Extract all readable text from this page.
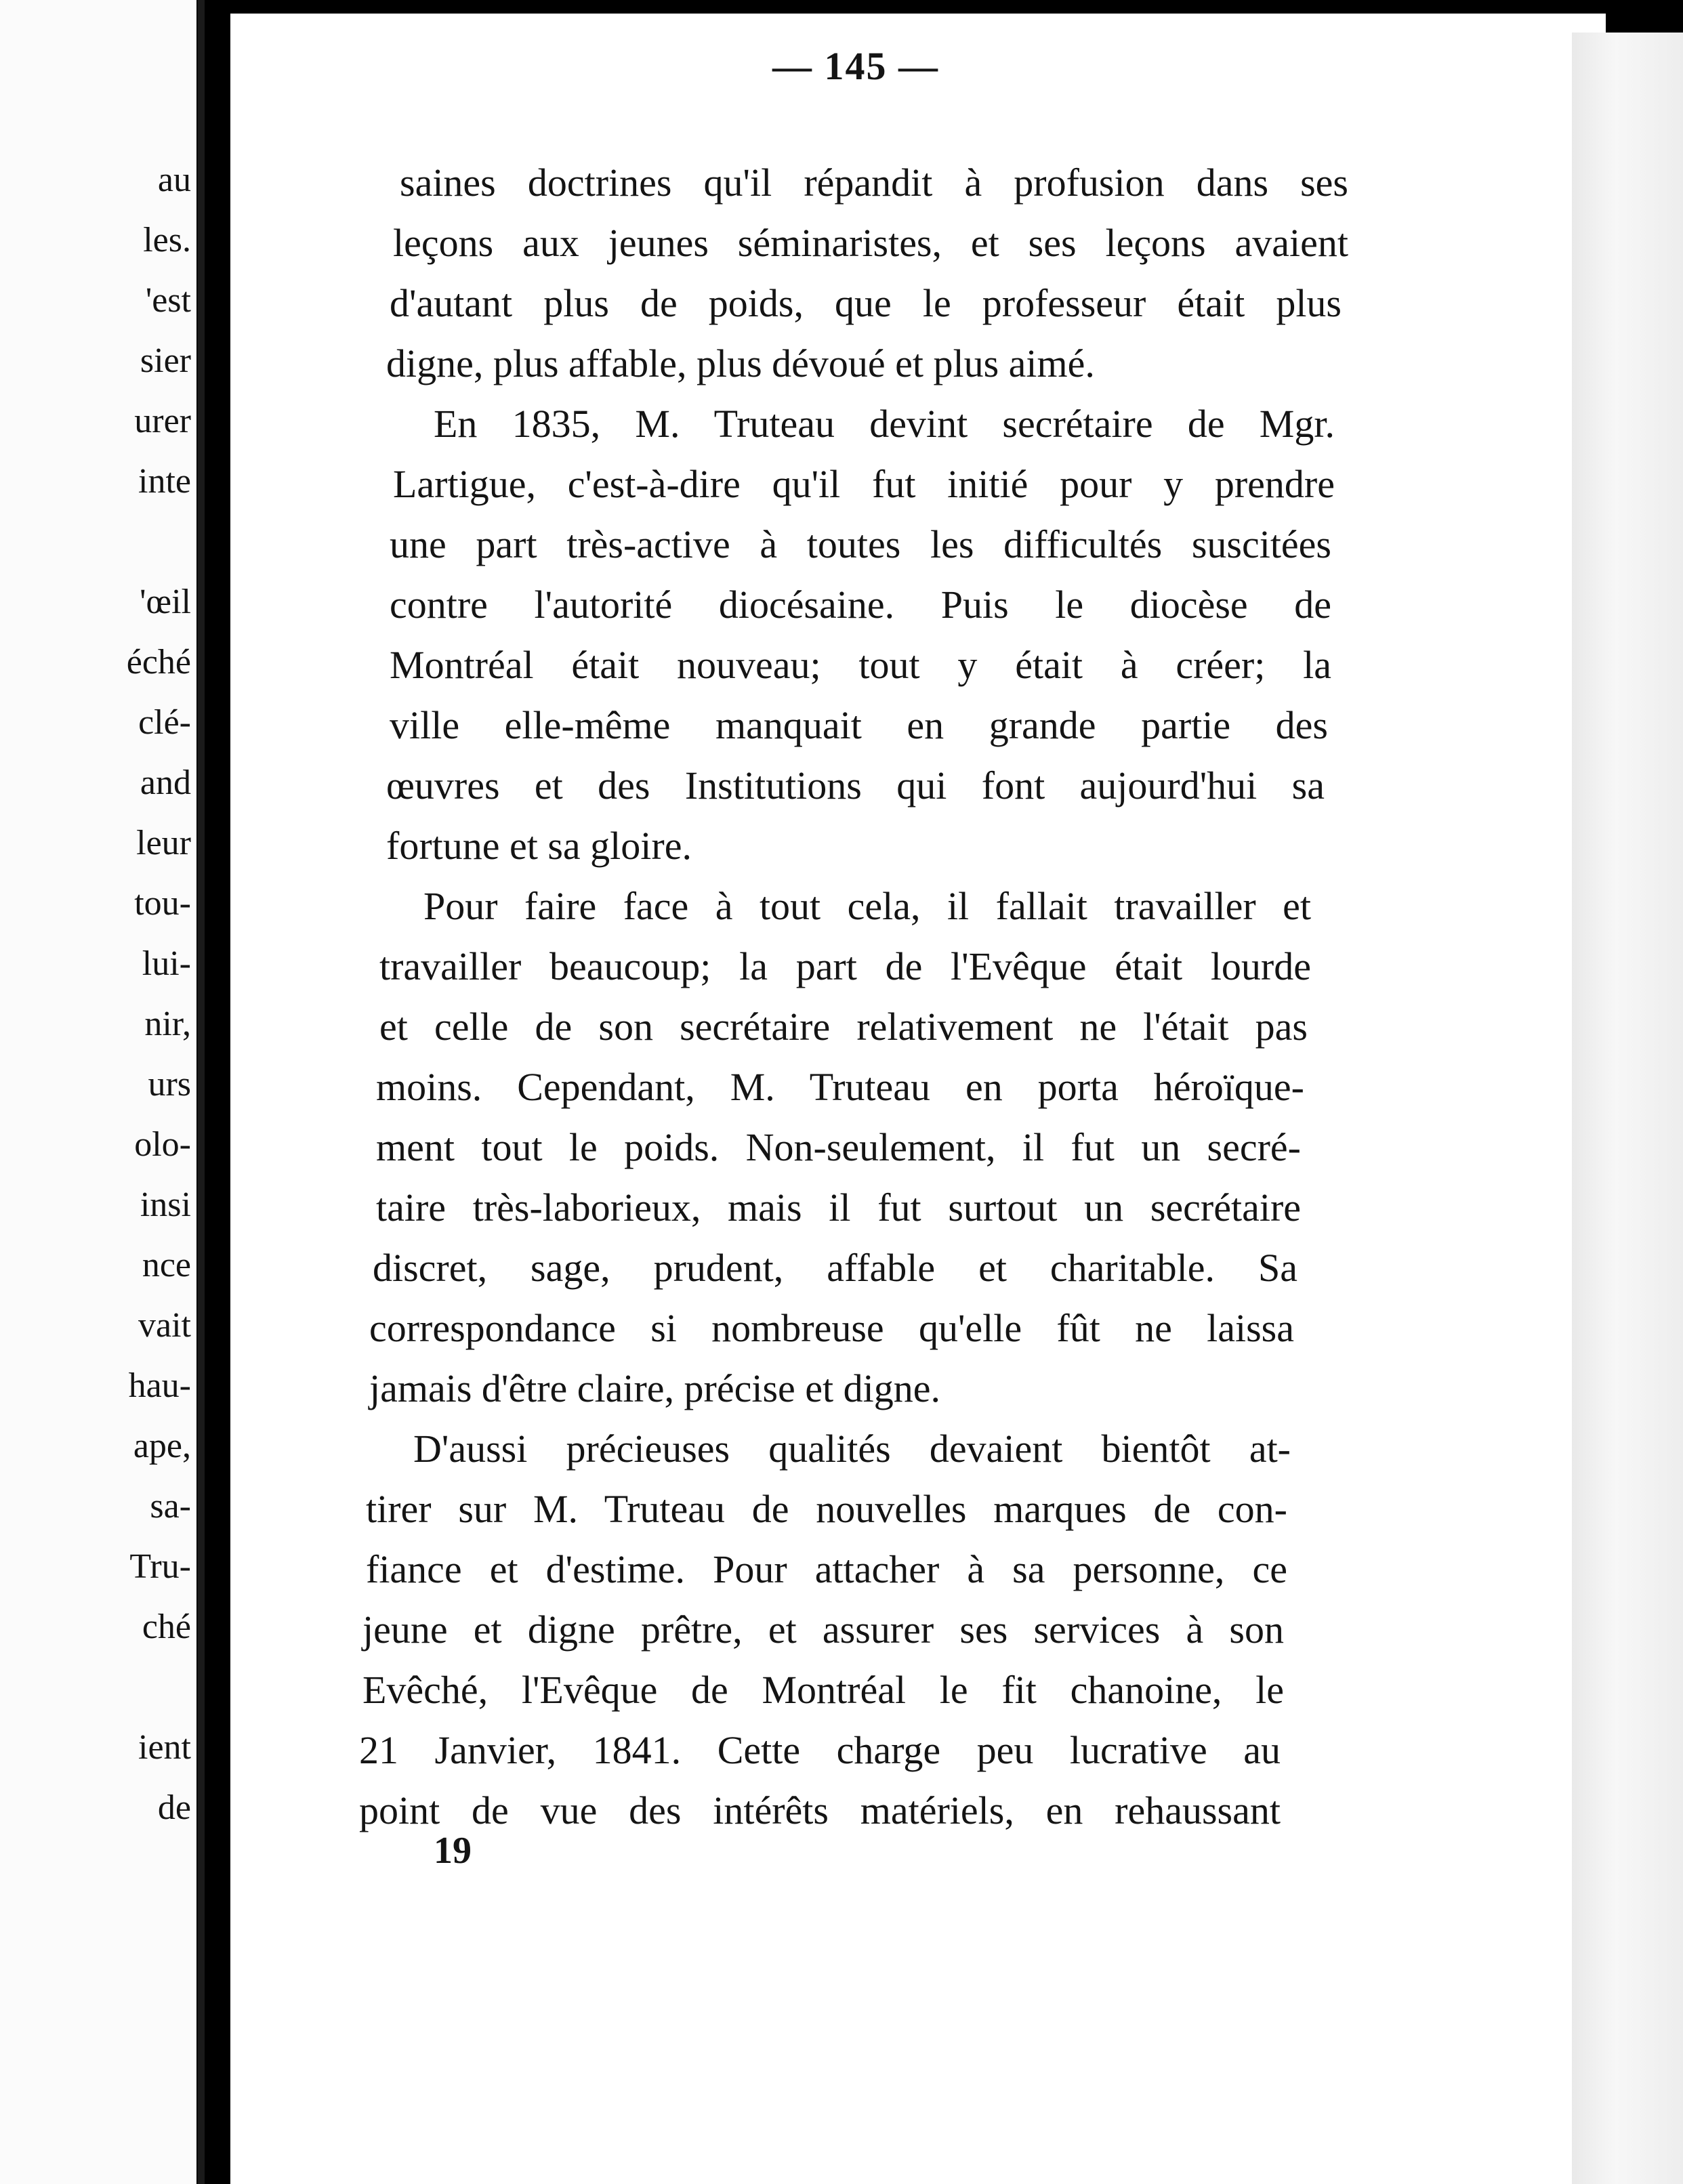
au
les.
'est
sier
urer
inte
'œil
éché
clé-
and
leur
tou-
lui-
nir,
urs
olo-
insi
nce
vait
hau-
ape,
sa-
Tru-
ché
ient
de
— 145 —
saines doctrines qu'il répandit à profusion dans ses
leçons aux jeunes séminaristes, et ses leçons avaient
d'autant plus de poids, que le professeur était plus
digne, plus affable, plus dévoué et plus aimé.
En 1835, M. Truteau devint secrétaire de Mgr.
Lartigue, c'est-à-dire qu'il fut initié pour y prendre
une part très-active à toutes les difficultés suscitées
contre l'autorité diocésaine. Puis le diocèse de
Montréal était nouveau; tout y était à créer; la
ville elle-même manquait en grande partie des
œuvres et des Institutions qui font aujourd'hui sa
fortune et sa gloire.
Pour faire face à tout cela, il fallait travailler et
travailler beaucoup; la part de l'Evêque était lourde
et celle de son secrétaire relativement ne l'était pas
moins. Cependant, M. Truteau en porta héroïque-
ment tout le poids. Non-seulement, il fut un secré-
taire très-laborieux, mais il fut surtout un secrétaire
discret, sage, prudent, affable et charitable. Sa
correspondance si nombreuse qu'elle fût ne laissa
jamais d'être claire, précise et digne.
D'aussi précieuses qualités devaient bientôt at-
tirer sur M. Truteau de nouvelles marques de con-
fiance et d'estime. Pour attacher à sa personne, ce
jeune et digne prêtre, et assurer ses services à son
Evêché, l'Evêque de Montréal le fit chanoine, le
21 Janvier, 1841. Cette charge peu lucrative au
point de vue des intérêts matériels, en rehaussant
19
